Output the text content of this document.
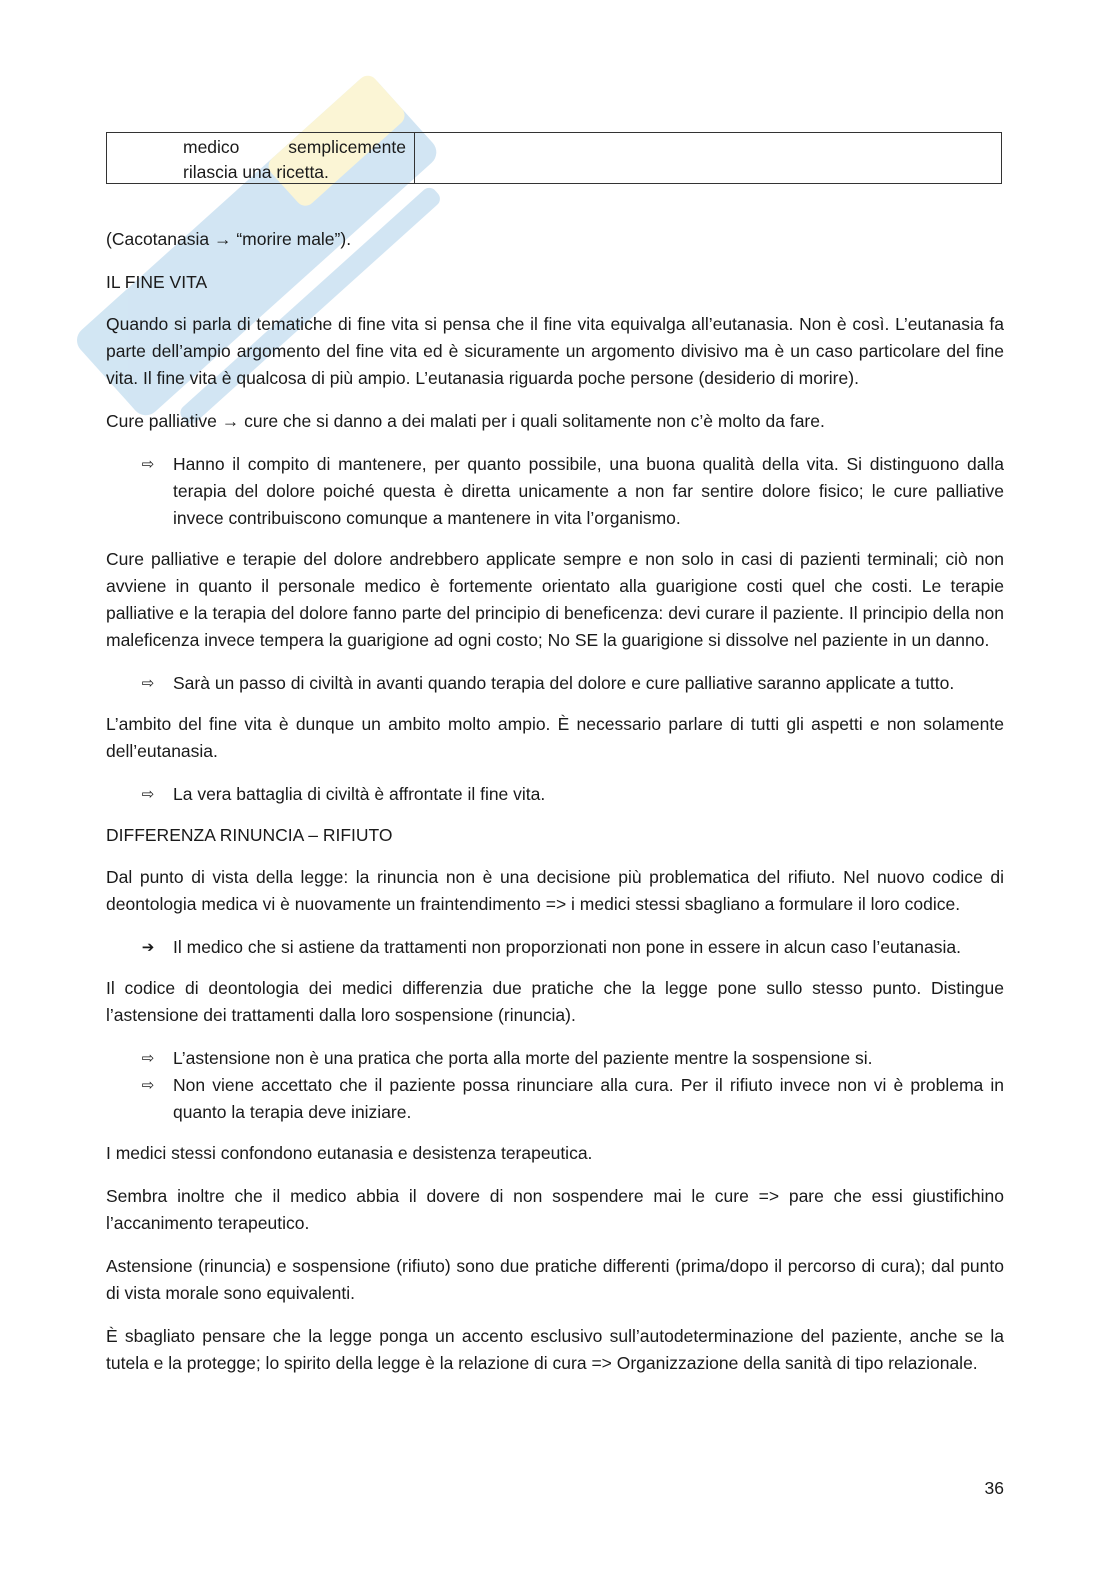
medico semplicemente
rilascia una ricetta.

(Cacotanasia → “morire male”).

IL FINE VITA

Quando si parla di tematiche di fine vita si pensa che il fine vita equivalga all’eutanasia. Non è così. L’eutanasia fa parte dell’ampio argomento del fine vita ed è sicuramente un argomento divisivo ma è un caso particolare del fine vita. Il fine vita è qualcosa di più ampio. L’eutanasia riguarda poche persone (desiderio di morire).

Cure palliative → cure che si danno a dei malati per i quali solitamente non c’è molto da fare.

⇨ Hanno il compito di mantenere, per quanto possibile, una buona qualità della vita. Si distinguono dalla terapia del dolore poiché questa è diretta unicamente a non far sentire dolore fisico; le cure palliative invece contribuiscono comunque a mantenere in vita l’organismo.

Cure palliative e terapie del dolore andrebbero applicate sempre e non solo in casi di pazienti terminali; ciò non avviene in quanto il personale medico è fortemente orientato alla guarigione costi quel che costi. Le terapie palliative e la terapia del dolore fanno parte del principio di beneficenza: devi curare il paziente. Il principio della non maleficenza invece tempera la guarigione ad ogni costo; No SE la guarigione si dissolve nel paziente in un danno.

⇨ Sarà un passo di civiltà in avanti quando terapia del dolore e cure palliative saranno applicate a tutto.

L’ambito del fine vita è dunque un ambito molto ampio. È necessario parlare di tutti gli aspetti e non solamente dell’eutanasia.

⇨ La vera battaglia di civiltà è affrontate il fine vita.
DIFFERENZA RINUNCIA – RIFIUTO

Dal punto di vista della legge: la rinuncia non è una decisione più problematica del rifiuto. Nel nuovo codice di deontologia medica vi è nuovamente un fraintendimento => i medici stessi sbagliano a formulare il loro codice.

➔ Il medico che si astiene da trattamenti non proporzionati non pone in essere in alcun caso l’eutanasia.

Il codice di deontologia dei medici differenzia due pratiche che la legge pone sullo stesso punto. Distingue l’astensione dei trattamenti dalla loro sospensione (rinuncia).

⇨ L’astensione non è una pratica che porta alla morte del paziente mentre la sospensione si.
⇨ Non viene accettato che il paziente possa rinunciare alla cura. Per il rifiuto invece non vi è problema in quanto la terapia deve iniziare.

I medici stessi confondono eutanasia e desistenza terapeutica.

Sembra inoltre che il medico abbia il dovere di non sospendere mai le cure => pare che essi giustifichino l’accanimento terapeutico.

Astensione (rinuncia) e sospensione (rifiuto) sono due pratiche differenti (prima/dopo il percorso di cura); dal punto di vista morale sono equivalenti.

È sbagliato pensare che la legge ponga un accento esclusivo sull’autodeterminazione del paziente, anche se la tutela e la protegge; lo spirito della legge è la relazione di cura => Organizzazione della sanità di tipo relazionale.

36
